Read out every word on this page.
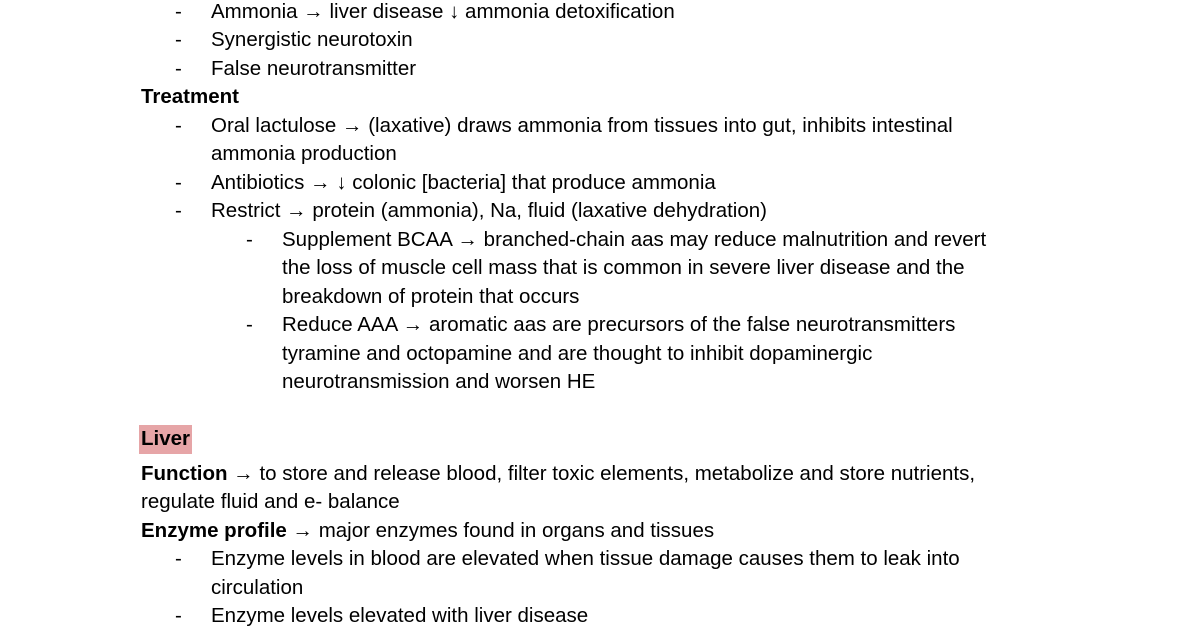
- Ammonia → liver disease ↓ ammonia detoxification
- Synergistic neurotoxin
- False neurotransmitter
Treatment
- Oral lactulose → (laxative) draws ammonia from tissues into gut, inhibits intestinal
ammonia production
- Antibiotics → ↓ colonic [bacteria] that produce ammonia
- Restrict → protein (ammonia), Na, fluid (laxative dehydration)
- Supplement BCAA → branched-chain aas may reduce malnutrition and revert
the loss of muscle cell mass that is common in severe liver disease and the
breakdown of protein that occurs
- Reduce AAA → aromatic aas are precursors of the false neurotransmitters
tyramine and octopamine and are thought to inhibit dopaminergic
neurotransmission and worsen HE
Liver
Function → to store and release blood, filter toxic elements, metabolize and store nutrients,
regulate fluid and e- balance
Enzyme profile → major enzymes found in organs and tissues
- Enzyme levels in blood are elevated when tissue damage causes them to leak into
circulation
- Enzyme levels elevated with liver disease
